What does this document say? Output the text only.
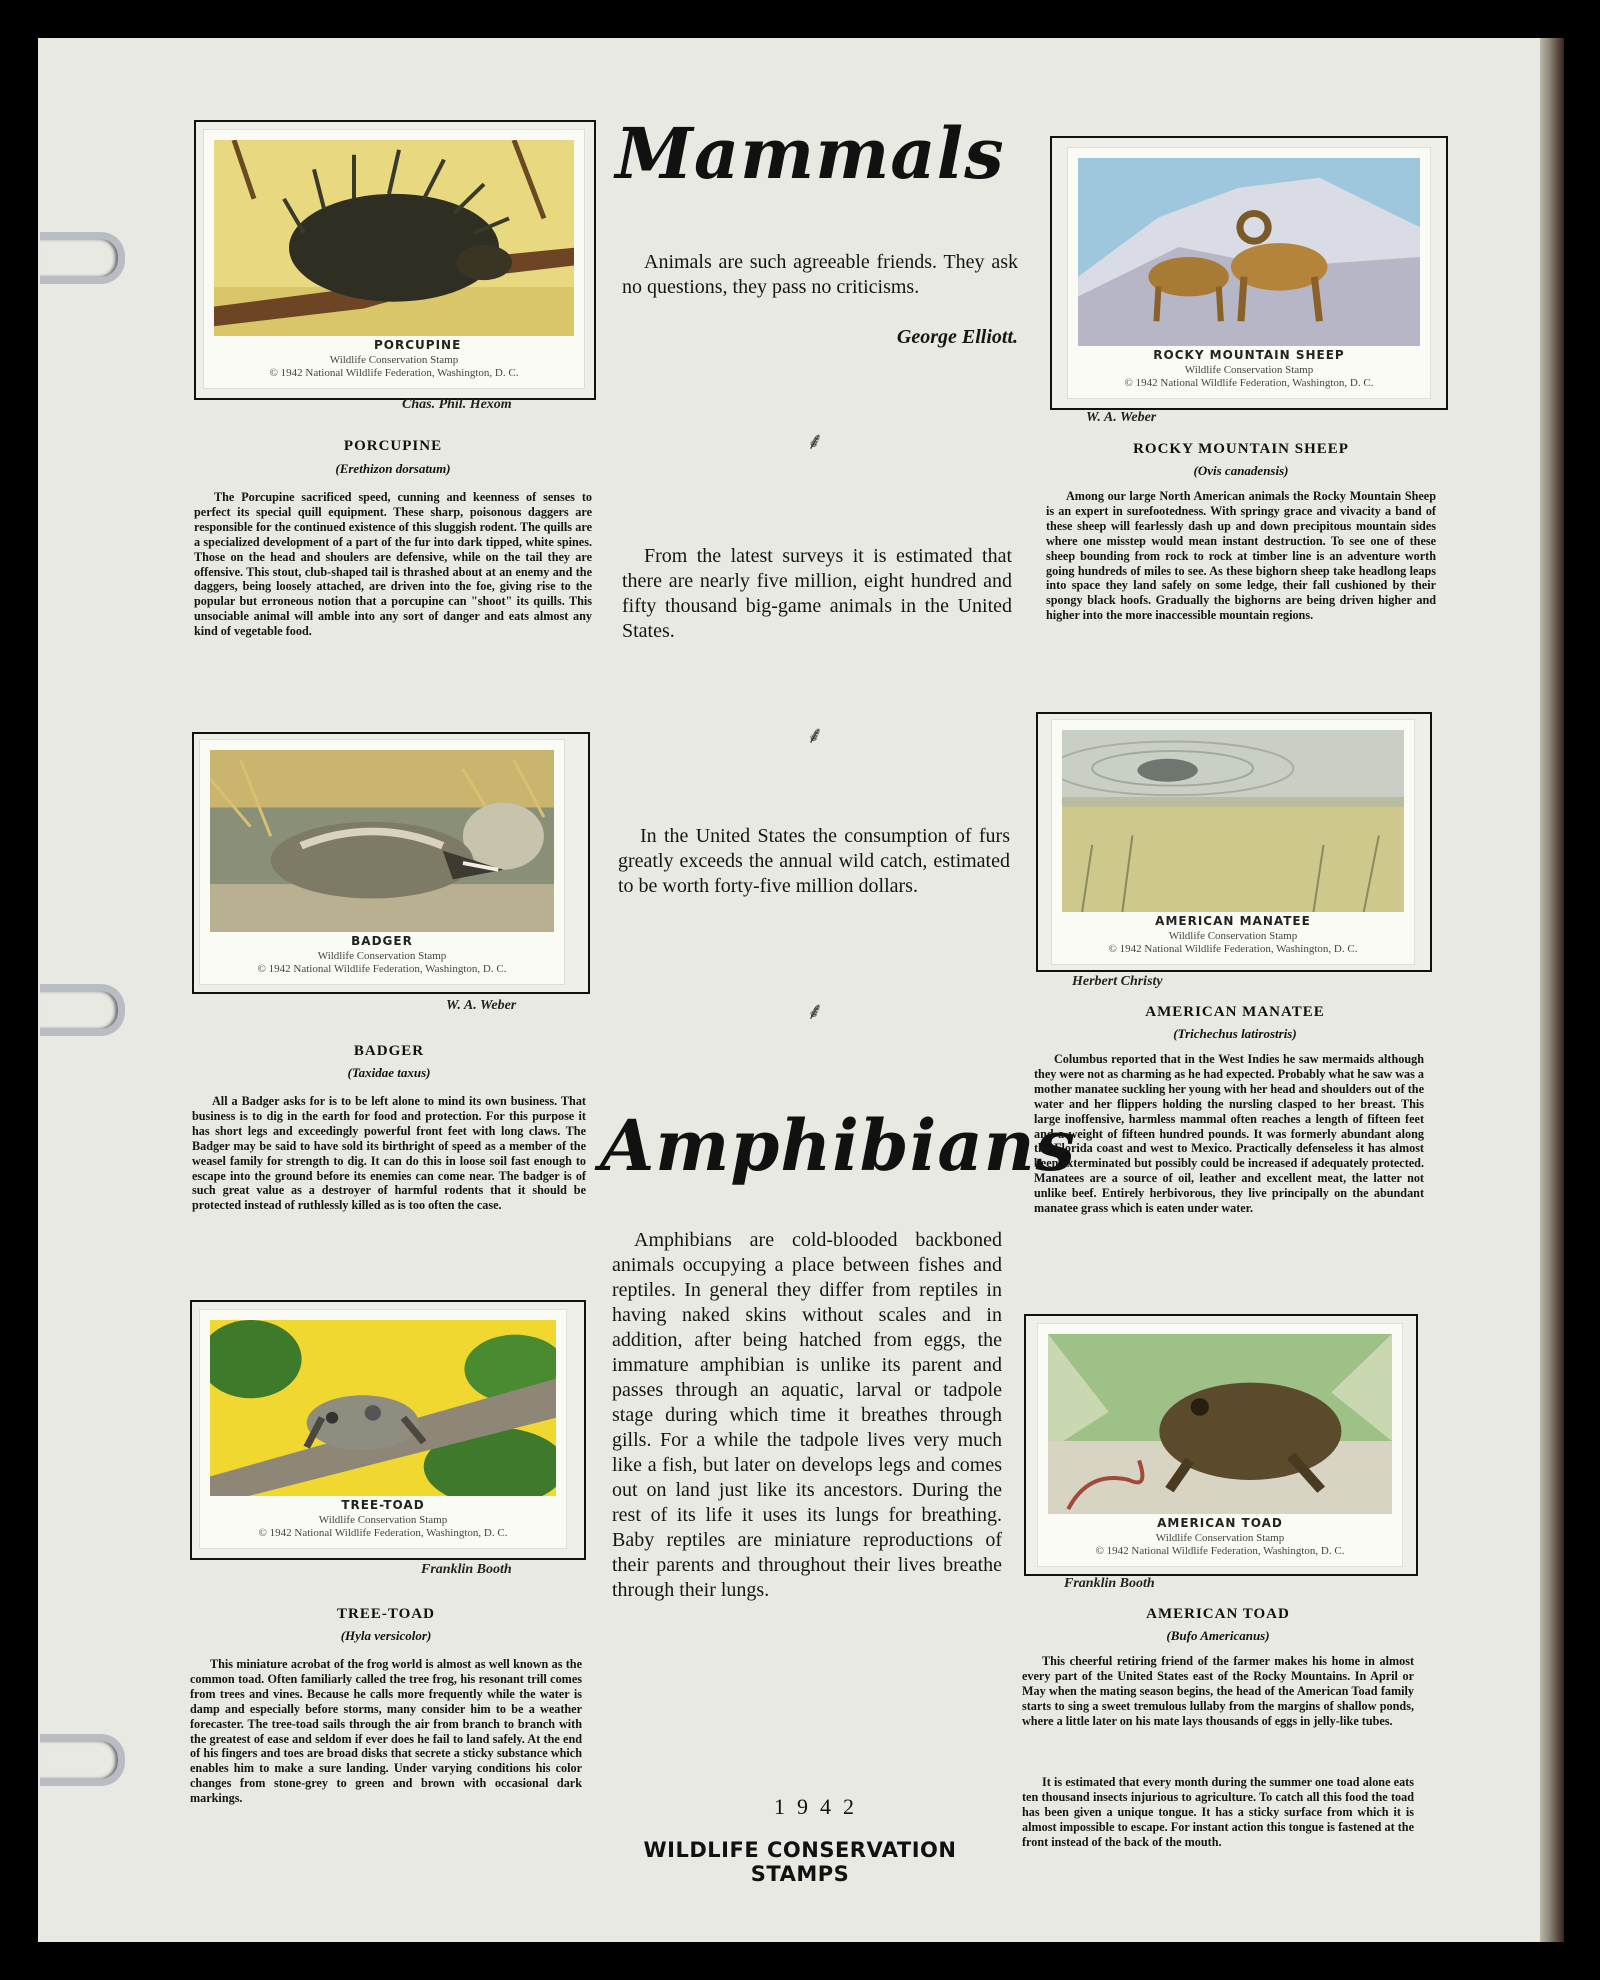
PORCUPINE
Wildlife Conservation Stamp
© 1942 National Wildlife Federation, Washington, D. C.
Chas. Phil. Hexom
PORCUPINE
(Erethizon dorsatum)
The Porcupine sacrificed speed, cunning and keenness of senses to perfect its special quill equipment. These sharp, poisonous daggers are responsible for the continued existence of this sluggish rodent. The quills are a specialized development of a part of the fur into dark tipped, white spines. Those on the head and shoulers are defensive, while on the tail they are offensive. This stout, club-shaped tail is thrashed about at an enemy and the daggers, being loosely attached, are driven into the foe, giving rise to the popular but erroneous notion that a porcupine can "shoot" its quills. This unsociable animal will amble into any sort of danger and eats almost any kind of vegetable food.
BADGER
Wildlife Conservation Stamp
© 1942 National Wildlife Federation, Washington, D. C.
W. A. Weber
BADGER
(Taxidae taxus)
All a Badger asks for is to be left alone to mind its own business. That business is to dig in the earth for food and protection. For this purpose it has short legs and exceedingly powerful front feet with long claws. The Badger may be said to have sold its birthright of speed as a member of the weasel family for strength to dig. It can do this in loose soil fast enough to escape into the ground before its enemies can come near. The badger is of such great value as a destroyer of harmful rodents that it should be protected instead of ruthlessly killed as is too often the case.
TREE-TOAD
Wildlife Conservation Stamp
© 1942 National Wildlife Federation, Washington, D. C.
Franklin Booth
TREE-TOAD
(Hyla versicolor)
This miniature acrobat of the frog world is almost as well known as the common toad. Often familiarly called the tree frog, his resonant trill comes from trees and vines. Because he calls more frequently while the water is damp and especially before storms, many consider him to be a weather forecaster. The tree-toad sails through the air from branch to branch with the greatest of ease and seldom if ever does he fail to land safely. At the end of his fingers and toes are broad disks that secrete a sticky substance which enables him to make a sure landing. Under varying conditions his color changes from stone-grey to green and brown with occasional dark markings.
Mammals
Animals are such agreeable friends. They ask no questions, they pass no criticisms.
George Elliott.
⸙
From the latest surveys it is estimated that there are nearly five million, eight hundred and fifty thousand big-game animals in the United States.
⸙
In the United States the consumption of furs greatly exceeds the annual wild catch, estimated to be worth forty-five million dollars.
⸙
Amphibians
Amphibians are cold-blooded backboned animals occupying a place between fishes and reptiles. In general they differ from reptiles in having naked skins without scales and in addition, after being hatched from eggs, the immature amphibian is unlike its parent and passes through an aquatic, larval or tadpole stage during which time it breathes through gills. For a while the tadpole lives very much like a fish, but later on develops legs and comes out on land just like its ancestors. During the rest of its life it uses its lungs for breathing. Baby reptiles are miniature reproductions of their parents and throughout their lives breathe through their lungs.
1942
WILDLIFE CONSERVATION STAMPS
ROCKY MOUNTAIN SHEEP
Wildlife Conservation Stamp
© 1942 National Wildlife Federation, Washington, D. C.
W. A. Weber
ROCKY MOUNTAIN SHEEP
(Ovis canadensis)
Among our large North American animals the Rocky Mountain Sheep is an expert in surefootedness. With springy grace and vivacity a band of these sheep will fearlessly dash up and down precipitous mountain sides where one misstep would mean instant destruction. To see one of these sheep bounding from rock to rock at timber line is an adventure worth going hundreds of miles to see. As these bighorn sheep take headlong leaps into space they land safely on some ledge, their fall cushioned by their spongy black hoofs. Gradually the bighorns are being driven higher and higher into the more inaccessible mountain regions.
AMERICAN MANATEE
Wildlife Conservation Stamp
© 1942 National Wildlife Federation, Washington, D. C.
Herbert Christy
AMERICAN MANATEE
(Trichechus latirostris)
Columbus reported that in the West Indies he saw mermaids although they were not as charming as he had expected. Probably what he saw was a mother manatee suckling her young with her head and shoulders out of the water and her flippers holding the nursling clasped to her breast. This large inoffensive, harmless mammal often reaches a length of fifteen feet and a weight of fifteen hundred pounds. It was formerly abundant along the Florida coast and west to Mexico. Practically defenseless it has almost been exterminated but possibly could be increased if adequately protected. Manatees are a source of oil, leather and excellent meat, the latter not unlike beef. Entirely herbivorous, they live principally on the abundant manatee grass which is eaten under water.
AMERICAN TOAD
Wildlife Conservation Stamp
© 1942 National Wildlife Federation, Washington, D. C.
Franklin Booth
AMERICAN TOAD
(Bufo Americanus)
This cheerful retiring friend of the farmer makes his home in almost every part of the United States east of the Rocky Mountains. In April or May when the mating season begins, the head of the American Toad family starts to sing a sweet tremulous lullaby from the margins of shallow ponds, where a little later on his mate lays thousands of eggs in jelly-like tubes.
It is estimated that every month during the summer one toad alone eats ten thousand insects injurious to agriculture. To catch all this food the toad has been given a unique tongue. It has a sticky surface from which it is almost impossible to escape. For instant action this tongue is fastened at the front instead of the back of the mouth.
